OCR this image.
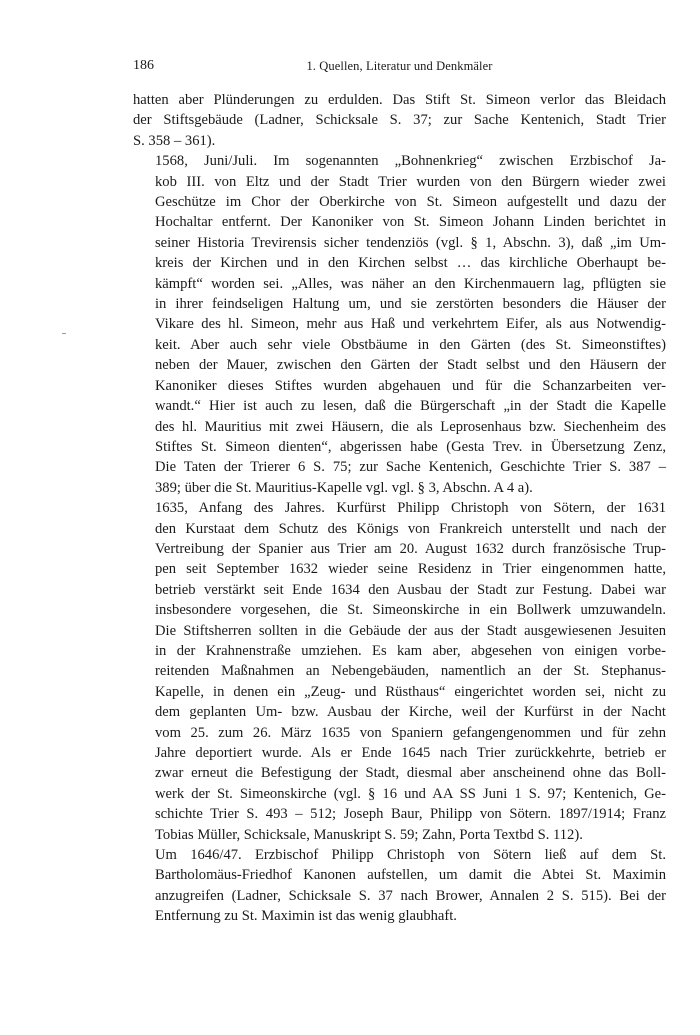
186	1. Quellen, Literatur und Denkmäler

hatten aber Plünderungen zu erdulden. Das Stift St. Simeon verlor das Bleidach
der Stiftsgebäude (Ladner, Schicksale S. 37; zur Sache Kentenich, Stadt Trier
S. 358 – 361).

1568, Juni/Juli. Im sogenannten „Bohnenkrieg“ zwischen Erzbischof Ja-
kob III. von Eltz und der Stadt Trier wurden von den Bürgern wieder zwei
Geschütze im Chor der Oberkirche von St. Simeon aufgestellt und dazu der
Hochaltar entfernt. Der Kanoniker von St. Simeon Johann Linden berichtet in
seiner Historia Trevirensis sicher tendenziös (vgl. § 1, Abschn. 3), daß „im Um-
kreis der Kirchen und in den Kirchen selbst … das kirchliche Oberhaupt be-
kämpft“ worden sei. „Alles, was näher an den Kirchenmauern lag, pflügten sie
in ihrer feindseligen Haltung um, und sie zerstörten besonders die Häuser der
Vikare des hl. Simeon, mehr aus Haß und verkehrtem Eifer, als aus Notwendig-
keit. Aber auch sehr viele Obstbäume in den Gärten (des St. Simeonstiftes)
neben der Mauer, zwischen den Gärten der Stadt selbst und den Häusern der
Kanoniker dieses Stiftes wurden abgehauen und für die Schanzarbeiten ver-
wandt.“ Hier ist auch zu lesen, daß die Bürgerschaft „in der Stadt die Kapelle
des hl. Mauritius mit zwei Häusern, die als Leprosenhaus bzw. Siechenheim des
Stiftes St. Simeon dienten“, abgerissen habe (Gesta Trev. in Übersetzung Zenz,
Die Taten der Trierer 6 S. 75; zur Sache Kentenich, Geschichte Trier S. 387 –
389; über die St. Mauritius-Kapelle vgl. vgl. § 3, Abschn. A 4 a).

1635, Anfang des Jahres. Kurfürst Philipp Christoph von Sötern, der 1631
den Kurstaat dem Schutz des Königs von Frankreich unterstellt und nach der
Vertreibung der Spanier aus Trier am 20. August 1632 durch französische Trup-
pen seit September 1632 wieder seine Residenz in Trier eingenommen hatte,
betrieb verstärkt seit Ende 1634 den Ausbau der Stadt zur Festung. Dabei war
insbesondere vorgesehen, die St. Simeonskirche in ein Bollwerk umzuwandeln.
Die Stiftsherren sollten in die Gebäude der aus der Stadt ausgewiesenen Jesuiten
in der Krahnenstraße umziehen. Es kam aber, abgesehen von einigen vorbe-
reitenden Maßnahmen an Nebengebäuden, namentlich an der St. Stephanus-
Kapelle, in denen ein „Zeug- und Rüsthaus“ eingerichtet worden sei, nicht zu
dem geplanten Um- bzw. Ausbau der Kirche, weil der Kurfürst in der Nacht
vom 25. zum 26. März 1635 von Spaniern gefangengenommen und für zehn
Jahre deportiert wurde. Als er Ende 1645 nach Trier zurückkehrte, betrieb er
zwar erneut die Befestigung der Stadt, diesmal aber anscheinend ohne das Boll-
werk der St. Simeonskirche (vgl. § 16 und AA SS Juni 1 S. 97; Kentenich, Ge-
schichte Trier S. 493 – 512; Joseph Baur, Philipp von Sötern. 1897/1914; Franz
Tobias Müller, Schicksale, Manuskript S. 59; Zahn, Porta Textbd S. 112).

Um 1646/47. Erzbischof Philipp Christoph von Sötern ließ auf dem St.
Bartholomäus-Friedhof Kanonen aufstellen, um damit die Abtei St. Maximin
anzugreifen (Ladner, Schicksale S. 37 nach Brower, Annalen 2 S. 515). Bei der
Entfernung zu St. Maximin ist das wenig glaubhaft.
